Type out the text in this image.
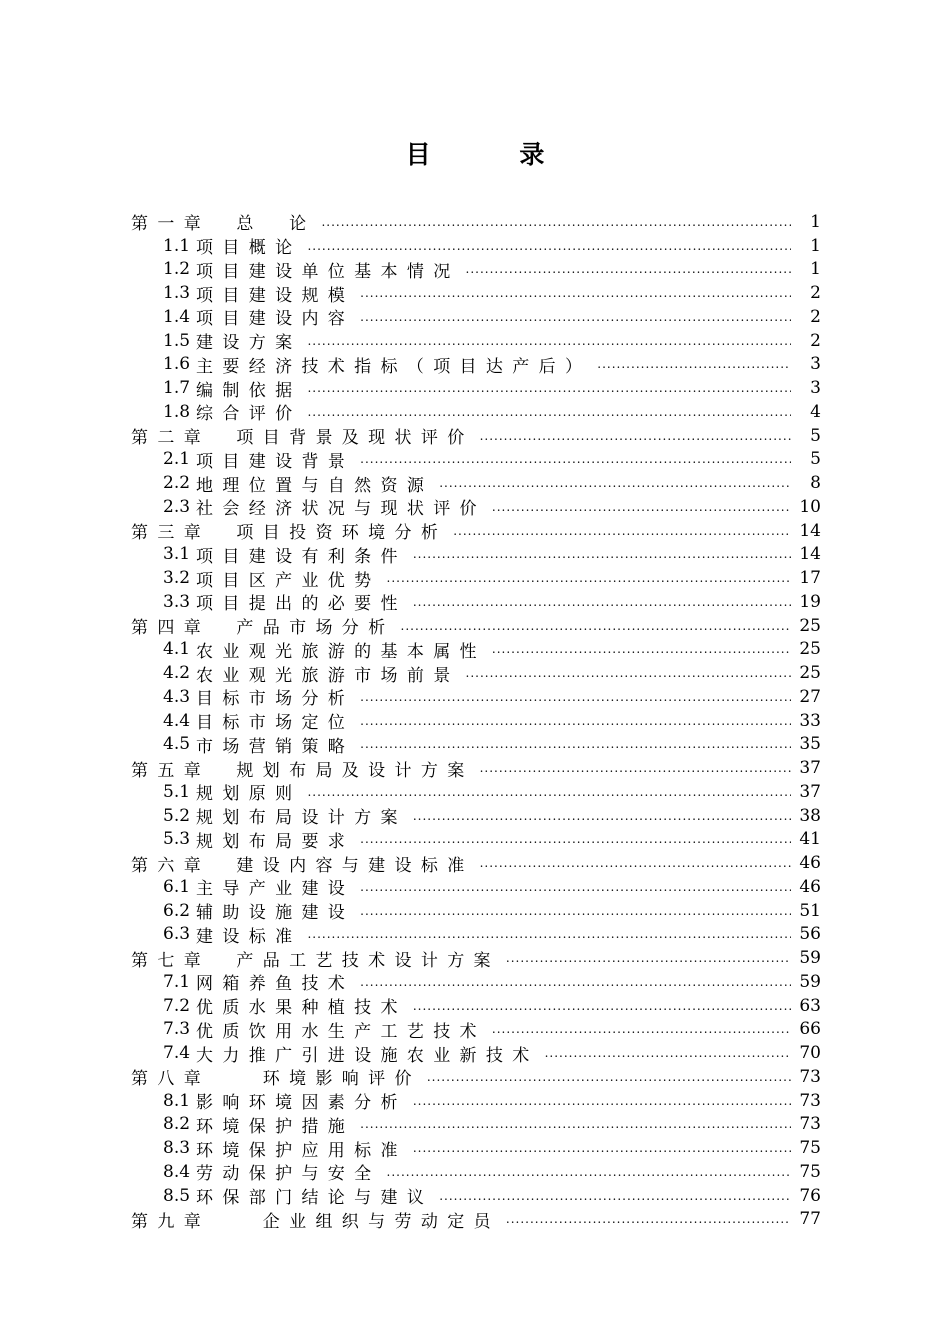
目 录
第一章　总　论 .....	1
1.1 项目概论 .....	1
1.2 项目建设单位基本情况 .....	1
1.3 项目建设规模 .....	2
1.4 项目建设内容 .....	2
1.5 建设方案 .....	2
1.6 主要经济技术指标（项目达产后） .....	3
1.7 编制依据 .....	3
1.8 综合评价 .....	4
第二章　项目背景及现状评价 .....	5
2.1 项目建设背景 .....	5
2.2 地理位置与自然资源 .....	8
2.3 社会经济状况与现状评价 .....	10
第三章　项目投资环境分析 .....	14
3.1 项目建设有利条件 .....	14
3.2 项目区产业优势 .....	17
3.3 项目提出的必要性 .....	19
第四章　产品市场分析 .....	25
4.1 农业观光旅游的基本属性 .....	25
4.2 农业观光旅游市场前景 .....	25
4.3 目标市场分析 .....	27
4.4 目标市场定位 .....	33
4.5 市场营销策略 .....	35
第五章　规划布局及设计方案 .....	37
5.1 规划原则 .....	37
5.2 规划布局设计方案 .....	38
5.3 规划布局要求 .....	41
第六章　建设内容与建设标准 .....	46
6.1 主导产业建设 .....	46
6.2 辅助设施建设 .....	51
6.3 建设标准 .....	56
第七章　产品工艺技术设计方案 .....	59
7.1 网箱养鱼技术 .....	59
7.2 优质水果种植技术 .....	63
7.3 优质饮用水生产工艺技术 .....	66
7.4 大力推广引进设施农业新技术 .....	70
第八章　　环境影响评价 .....	73
8.1 影响环境因素分析 .....	73
8.2 环境保护措施 .....	73
8.3 环境保护应用标准 .....	75
8.4 劳动保护与安全 .....	75
8.5 环保部门结论与建议 .....	76
第九章　　企业组织与劳动定员 .....	77
